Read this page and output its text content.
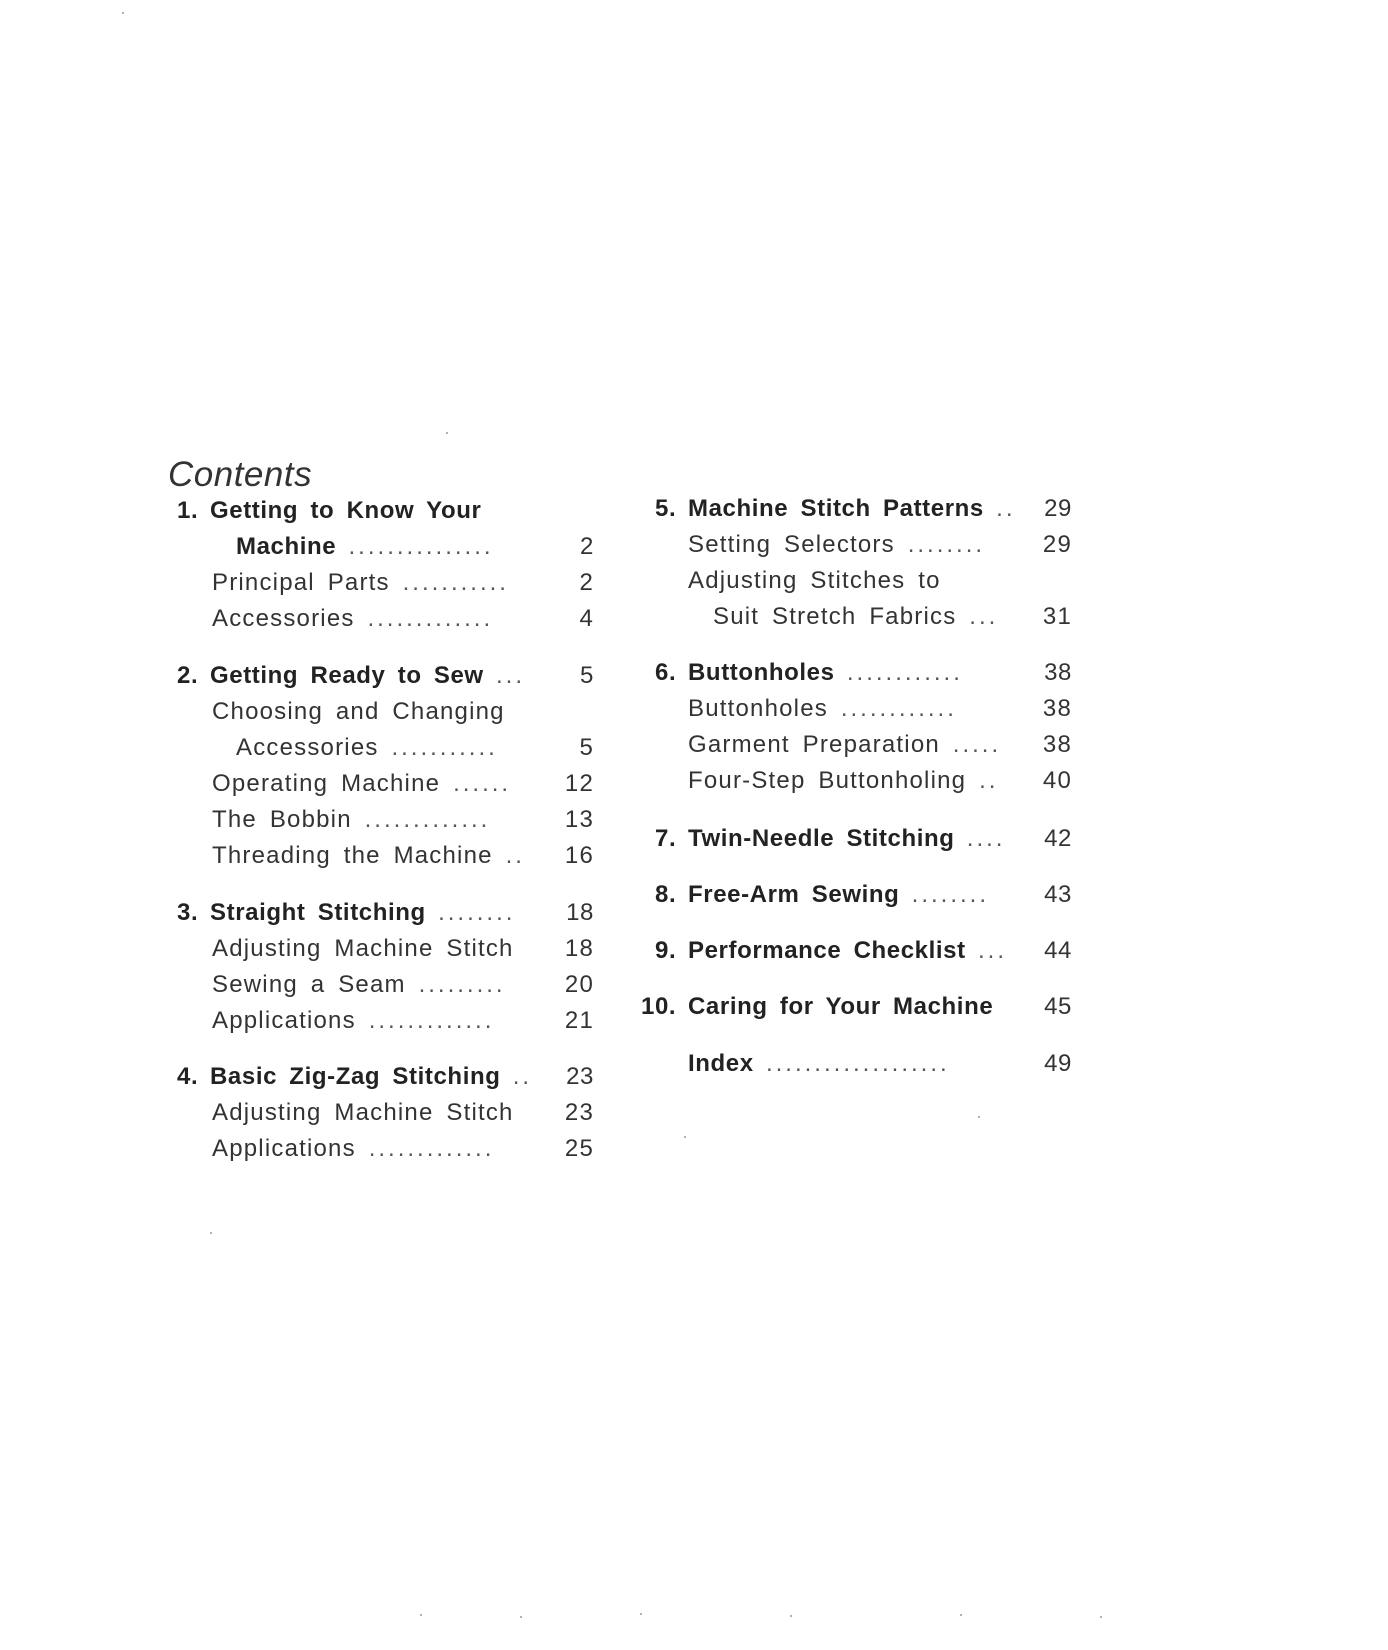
Contents
1. Getting to Know Your
Machine ...............	2
Principal Parts ...........	2
Accessories .............	4
2. Getting Ready to Sew ...	5
Choosing and Changing
Accessories ...........	5
Operating Machine ......	12
The Bobbin .............	13
Threading the Machine ..	16
3. Straight Stitching ........	18
Adjusting Machine Stitch	18
Sewing a Seam .........	20
Applications .............	21
4. Basic Zig-Zag Stitching ..	23
Adjusting Machine Stitch	23
Applications .............	25
5. Machine Stitch Patterns ..	29
Setting Selectors ........	29
Adjusting Stitches to
Suit Stretch Fabrics ...	31
6. Buttonholes ............	38
Buttonholes ............	38
Garment Preparation .....	38
Four-Step Buttonholing ..	40
7. Twin-Needle Stitching ....	42
8. Free-Arm Sewing ........	43
9. Performance Checklist ...	44
10. Caring for Your Machine	45
Index ...................	49
